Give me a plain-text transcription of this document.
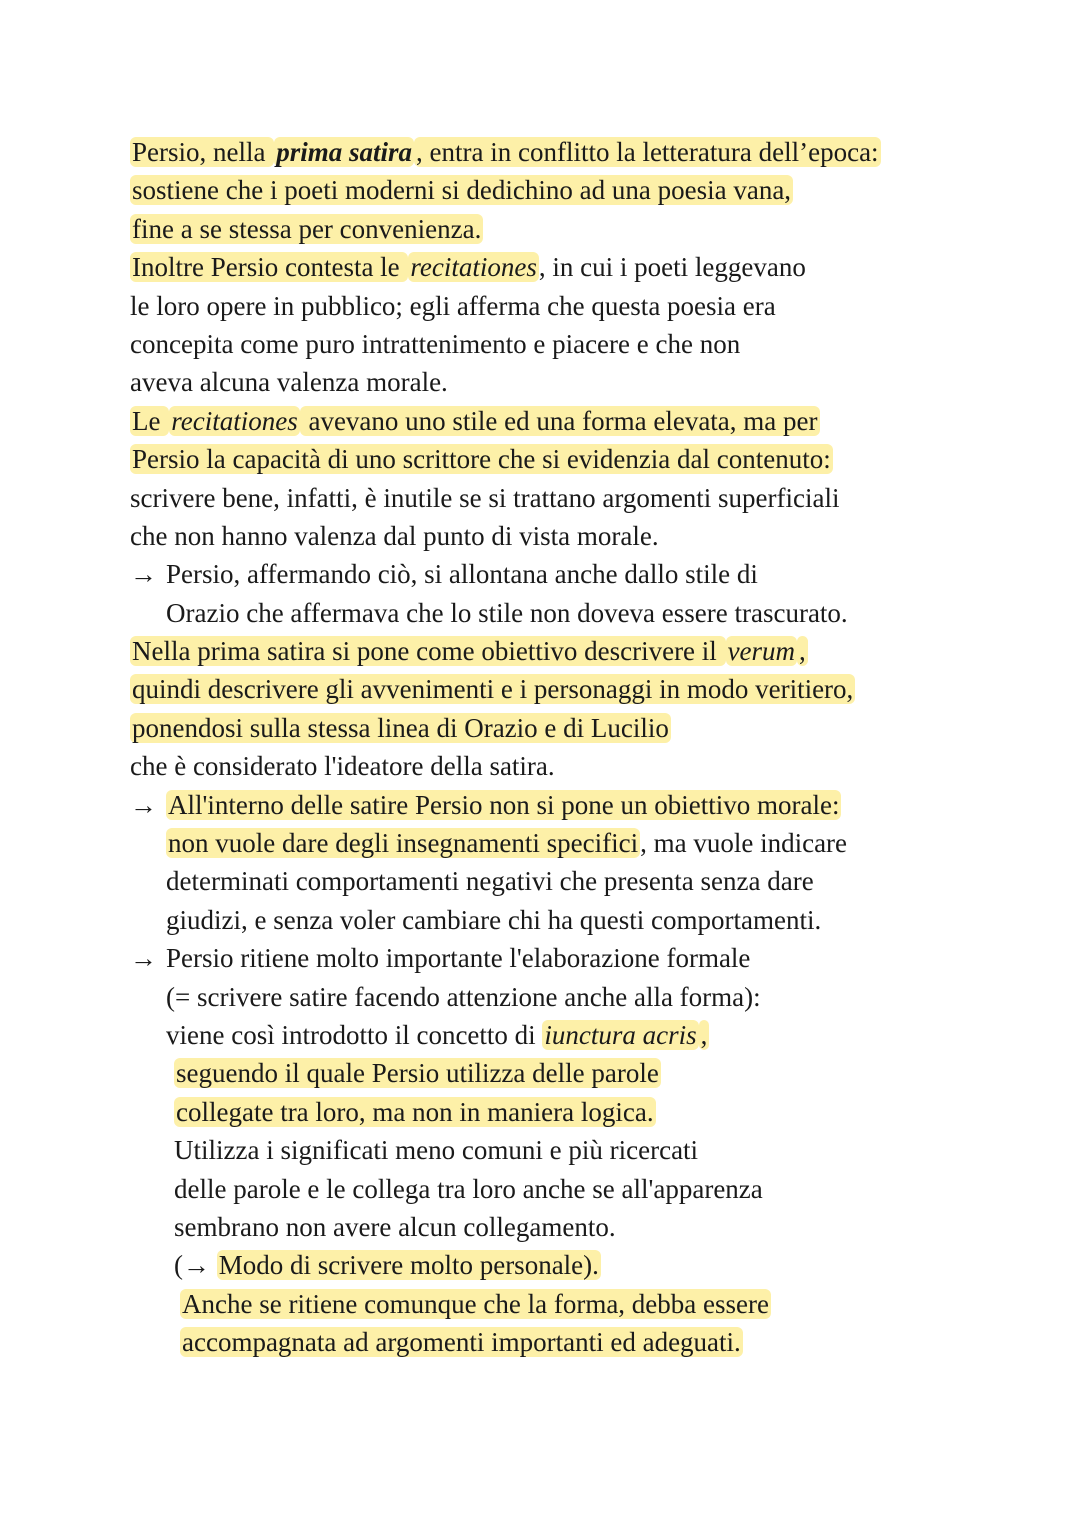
Persio, nella prima satira , entra in conflitto la letteratura dell’epoca:
sostiene che i poeti moderni si dedichino ad una poesia vana,
fine a se stessa per convenienza.
Inoltre Persio contesta le recitationes, in cui i poeti leggevano
le loro opere in pubblico; egli afferma che questa poesia era
concepita come puro intrattenimento e piacere e che non
aveva alcuna valenza morale.
Le recitationes avevano uno stile ed una forma elevata, ma per
Persio la capacità di uno scrittore che si evidenzia dal contenuto:
scrivere bene, infatti, è inutile se si trattano argomenti superficiali
che non hanno valenza dal punto di vista morale.
→ Persio, affermando ciò, si allontana anche dallo stile di
Orazio che affermava che lo stile non doveva essere trascurato.
Nella prima satira si pone come obiettivo descrivere il verum ,
quindi descrivere gli avvenimenti e i personaggi in modo veritiero,
ponendosi sulla stessa linea di Orazio e di Lucilio
che è considerato l'ideatore della satira.
→ All'interno delle satire Persio non si pone un obiettivo morale:
non vuole dare degli insegnamenti specifici, ma vuole indicare
determinati comportamenti negativi che presenta senza dare
giudizi, e senza voler cambiare chi ha questi comportamenti.
→ Persio ritiene molto importante l'elaborazione formale
(= scrivere satire facendo attenzione anche alla forma):
viene così introdotto il concetto di iunctura acris ,
seguendo il quale Persio utilizza delle parole
collegate tra loro, ma non in maniera logica.
Utilizza i significati meno comuni e più ricercati
delle parole e le collega tra loro anche se all'apparenza
sembrano non avere alcun collegamento.
(→ Modo di scrivere molto personale).
Anche se ritiene comunque che la forma, debba essere
accompagnata ad argomenti importanti ed adeguati.
